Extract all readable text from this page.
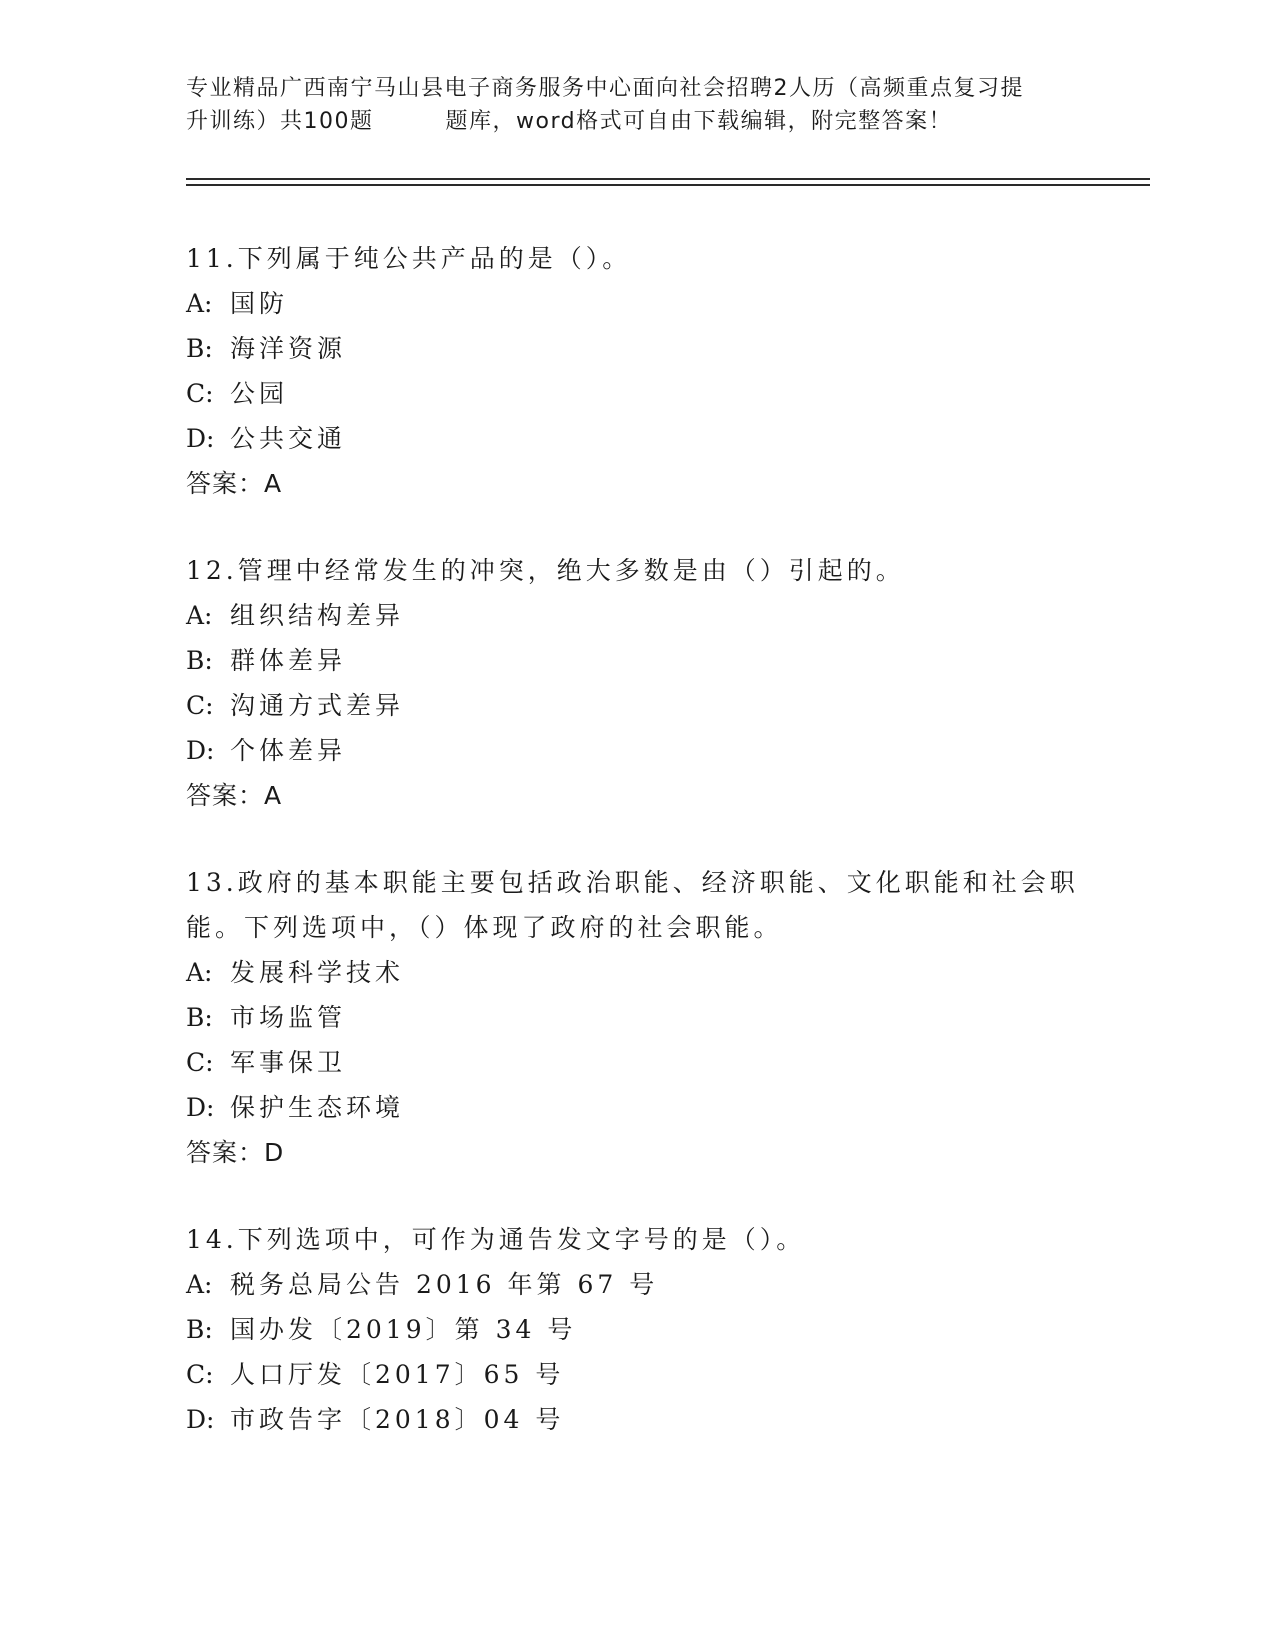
专业精品广西南宁马山县电子商务服务中心面向社会招聘2人历（高频重点复习提
升训练）共100题	题库，word格式可自由下载编辑，附完整答案！
11.下列属于纯公共产品的是（）。
A: 国防
B: 海洋资源
C: 公园
D: 公共交通
答案：A
12.管理中经常发生的冲突，绝大多数是由（）引起的。
A: 组织结构差异
B: 群体差异
C: 沟通方式差异
D: 个体差异
答案：A
13.政府的基本职能主要包括政治职能、经济职能、文化职能和社会职能。下列选项中，（）体现了政府的社会职能。
A: 发展科学技术
B: 市场监管
C: 军事保卫
D: 保护生态环境
答案：D
14.下列选项中，可作为通告发文字号的是（）。
A: 税务总局公告 2016 年第 67 号
B: 国办发〔2019〕第 34 号
C: 人口厅发〔2017〕65 号
D: 市政告字〔2018〕04 号
